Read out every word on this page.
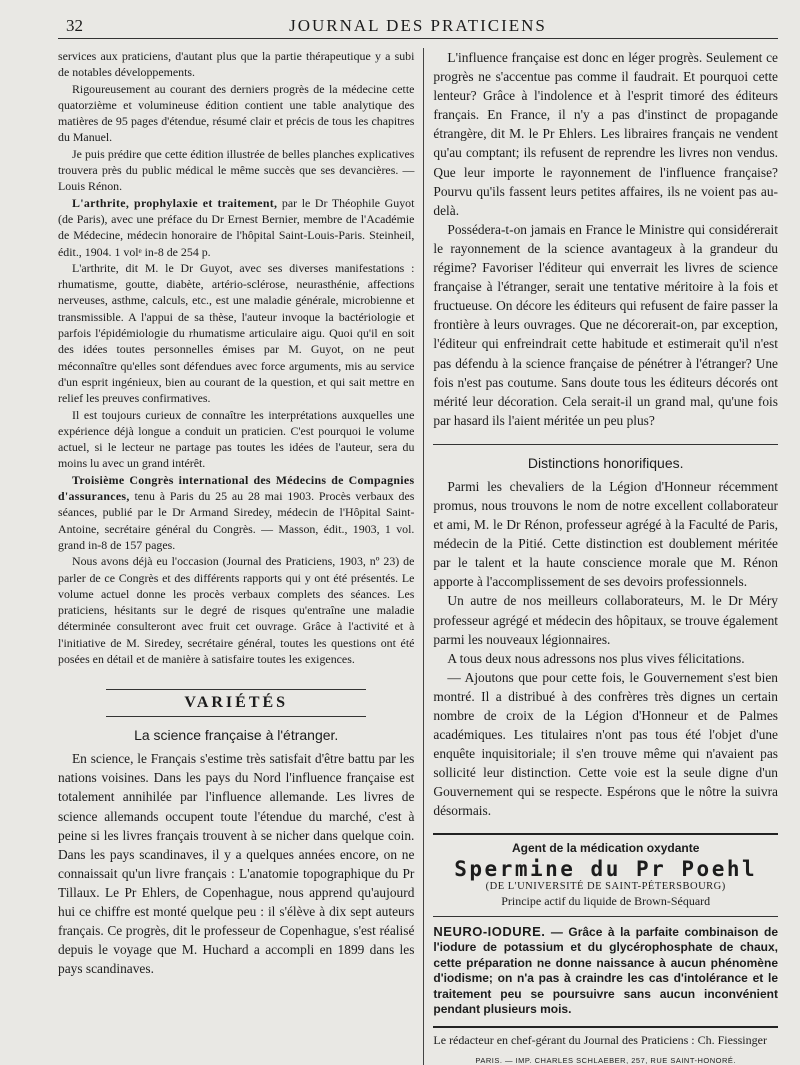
32	JOURNAL DES PRATICIENS

services aux praticiens, d'autant plus que la partie thérapeutique y a subi de notables développements.

Rigoureusement au courant des derniers progrès de la médecine cette quatorzième et volumineuse édition contient une table analytique des matières de 95 pages d'étendue, résumé clair et précis de tous les chapitres du Manuel.

Je puis prédire que cette édition illustrée de belles planches explicatives trouvera près du public médical le même succès que ses devancières. — Louis Rénon.

L'arthrite, prophylaxie et traitement, par le Dr Théophile Guyot (de Paris), avec une préface du Dr Ernest Bernier, membre de l'Académie de Médecine, médecin honoraire de l'hôpital Saint-Louis-Paris. Steinheil, édit., 1904. 1 volᵉ in-8 de 254 p.

L'arthrite, dit M. le Dr Guyot, avec ses diverses manifestations : rhumatisme, goutte, diabète, artério-sclérose, neurasthénie, affections nerveuses, asthme, calculs, etc., est une maladie générale, microbienne et transmissible. A l'appui de sa thèse, l'auteur invoque la bactériologie et parfois l'épidémiologie du rhumatisme articulaire aigu. Quoi qu'il en soit des idées toutes personnelles émises par M. Guyot, on ne peut méconnaître qu'elles sont défendues avec force arguments, mis au service d'un esprit ingénieux, bien au courant de la question, et qui sait mettre en relief les preuves confirmatives.

Il est toujours curieux de connaître les interprétations auxquelles une expérience déjà longue a conduit un praticien. C'est pourquoi le volume actuel, si le lecteur ne partage pas toutes les idées de l'auteur, sera du moins lu avec un grand intérêt.

Troisième Congrès international des Médecins de Compagnies d'assurances, tenu à Paris du 25 au 28 mai 1903. Procès verbaux des séances, publié par le Dr Armand Siredey, médecin de l'Hôpital Saint-Antoine, secrétaire général du Congrès. — Masson, édit., 1903, 1 vol. grand in-8 de 157 pages.

Nous avons déjà eu l'occasion (Journal des Praticiens, 1903, nº 23) de parler de ce Congrès et des différents rapports qui y ont été présentés. Le volume actuel donne les procès verbaux complets des séances. Les praticiens, hésitants sur le degré de risques qu'entraîne une maladie déterminée consulteront avec fruit cet ouvrage. Grâce à l'activité et à l'initiative de M. Siredey, secrétaire général, toutes les questions ont été posées en détail et de manière à satisfaire toutes les exigences.

VARIÉTÉS
La science française à l'étranger.

En science, le Français s'estime très satisfait d'être battu par les nations voisines. Dans les pays du Nord l'influence française est totalement annihilée par l'influence allemande. Les livres de science allemands occupent toute l'étendue du marché, c'est à peine si les livres français trouvent à se nicher dans quelque coin. Dans les pays scandinaves, il y a quelques années encore, on ne connaissait qu'un livre français : L'anatomie topographique du Pr Tillaux. Le Pr Ehlers, de Copenhague, nous apprend qu'aujourd hui ce chiffre est monté quelque peu : il s'élève à dix sept auteurs français. Ce progrès, dit le professeur de Copenhague, s'est réalisé depuis le voyage que M. Huchard a accompli en 1899 dans les pays scandinaves.

L'influence française est donc en léger progrès. Seulement ce progrès ne s'accentue pas comme il faudrait. Et pourquoi cette lenteur? Grâce à l'indolence et à l'esprit timoré des éditeurs français. En France, il n'y a pas d'instinct de propagande étrangère, dit M. le Pr Ehlers. Les libraires français ne vendent qu'au comptant; ils refusent de reprendre les livres non vendus. Que leur importe le rayonnement de l'influence française? Pourvu qu'ils fassent leurs petites affaires, ils ne voient pas au-delà.

Possédera-t-on jamais en France le Ministre qui considérerait le rayonnement de la science avantageux à la grandeur du régime? Favoriser l'éditeur qui enverrait les livres de science française à l'étranger, serait une tentative méritoire à la fois et fructueuse. On décore les éditeurs qui refusent de faire passer la frontière à leurs ouvrages. Que ne décorerait-on, par exception, l'éditeur qui enfreindrait cette habitude et estimerait qu'il n'est pas défendu à la science française de pénétrer à l'étranger? Une fois n'est pas coutume. Sans doute tous les éditeurs décorés ont mérité leur décoration. Cela serait-il un grand mal, qu'une fois par hasard ils l'aient méritée un peu plus?

Distinctions honorifiques.

Parmi les chevaliers de la Légion d'Honneur récemment promus, nous trouvons le nom de notre excellent collaborateur et ami, M. le Dr Rénon, professeur agrégé à la Faculté de Paris, médecin de la Pitié. Cette distinction est doublement méritée par le talent et la haute conscience morale que M. Rénon apporte à l'accomplissement de ses devoirs professionnels.

Un autre de nos meilleurs collaborateurs, M. le Dr Méry professeur agrégé et médecin des hôpitaux, se trouve également parmi les nouveaux légionnaires.

A tous deux nous adressons nos plus vives félicitations.

— Ajoutons que pour cette fois, le Gouvernement s'est bien montré. Il a distribué à des confrères très dignes un certain nombre de croix de la Légion d'Honneur et de Palmes académiques. Les titulaires n'ont pas tous été l'objet d'une enquête inquisitoriale; il s'en trouve même qui n'avaient pas sollicité leur distinction. Cette voie est la seule digne d'un Gouvernement qui se respecte. Espérons que le nôtre la suivra désormais.

Agent de la médication oxydante
Spermine du Pr Poehl
(DE L'UNIVERSITÉ DE SAINT-PÉTERSBOURG)
Principe actif du liquide de Brown-Séquard
NEURO-IODURE. — Grâce à la parfaite combinaison de l'iodure de potassium et du glycérophosphate de chaux, cette préparation ne donne naissance à aucun phénomène d'iodisme; on n'a pas à craindre les cas d'intolérance et le traitement peu se poursuivre sans aucun inconvénient pendant plusieurs mois.
Le rédacteur en chef-gérant du Journal des Praticiens : Ch. Fiessinger
PARIS. — IMP. CHARLES SCHLAEBER, 257, RUE SAINT-HONORÉ.
